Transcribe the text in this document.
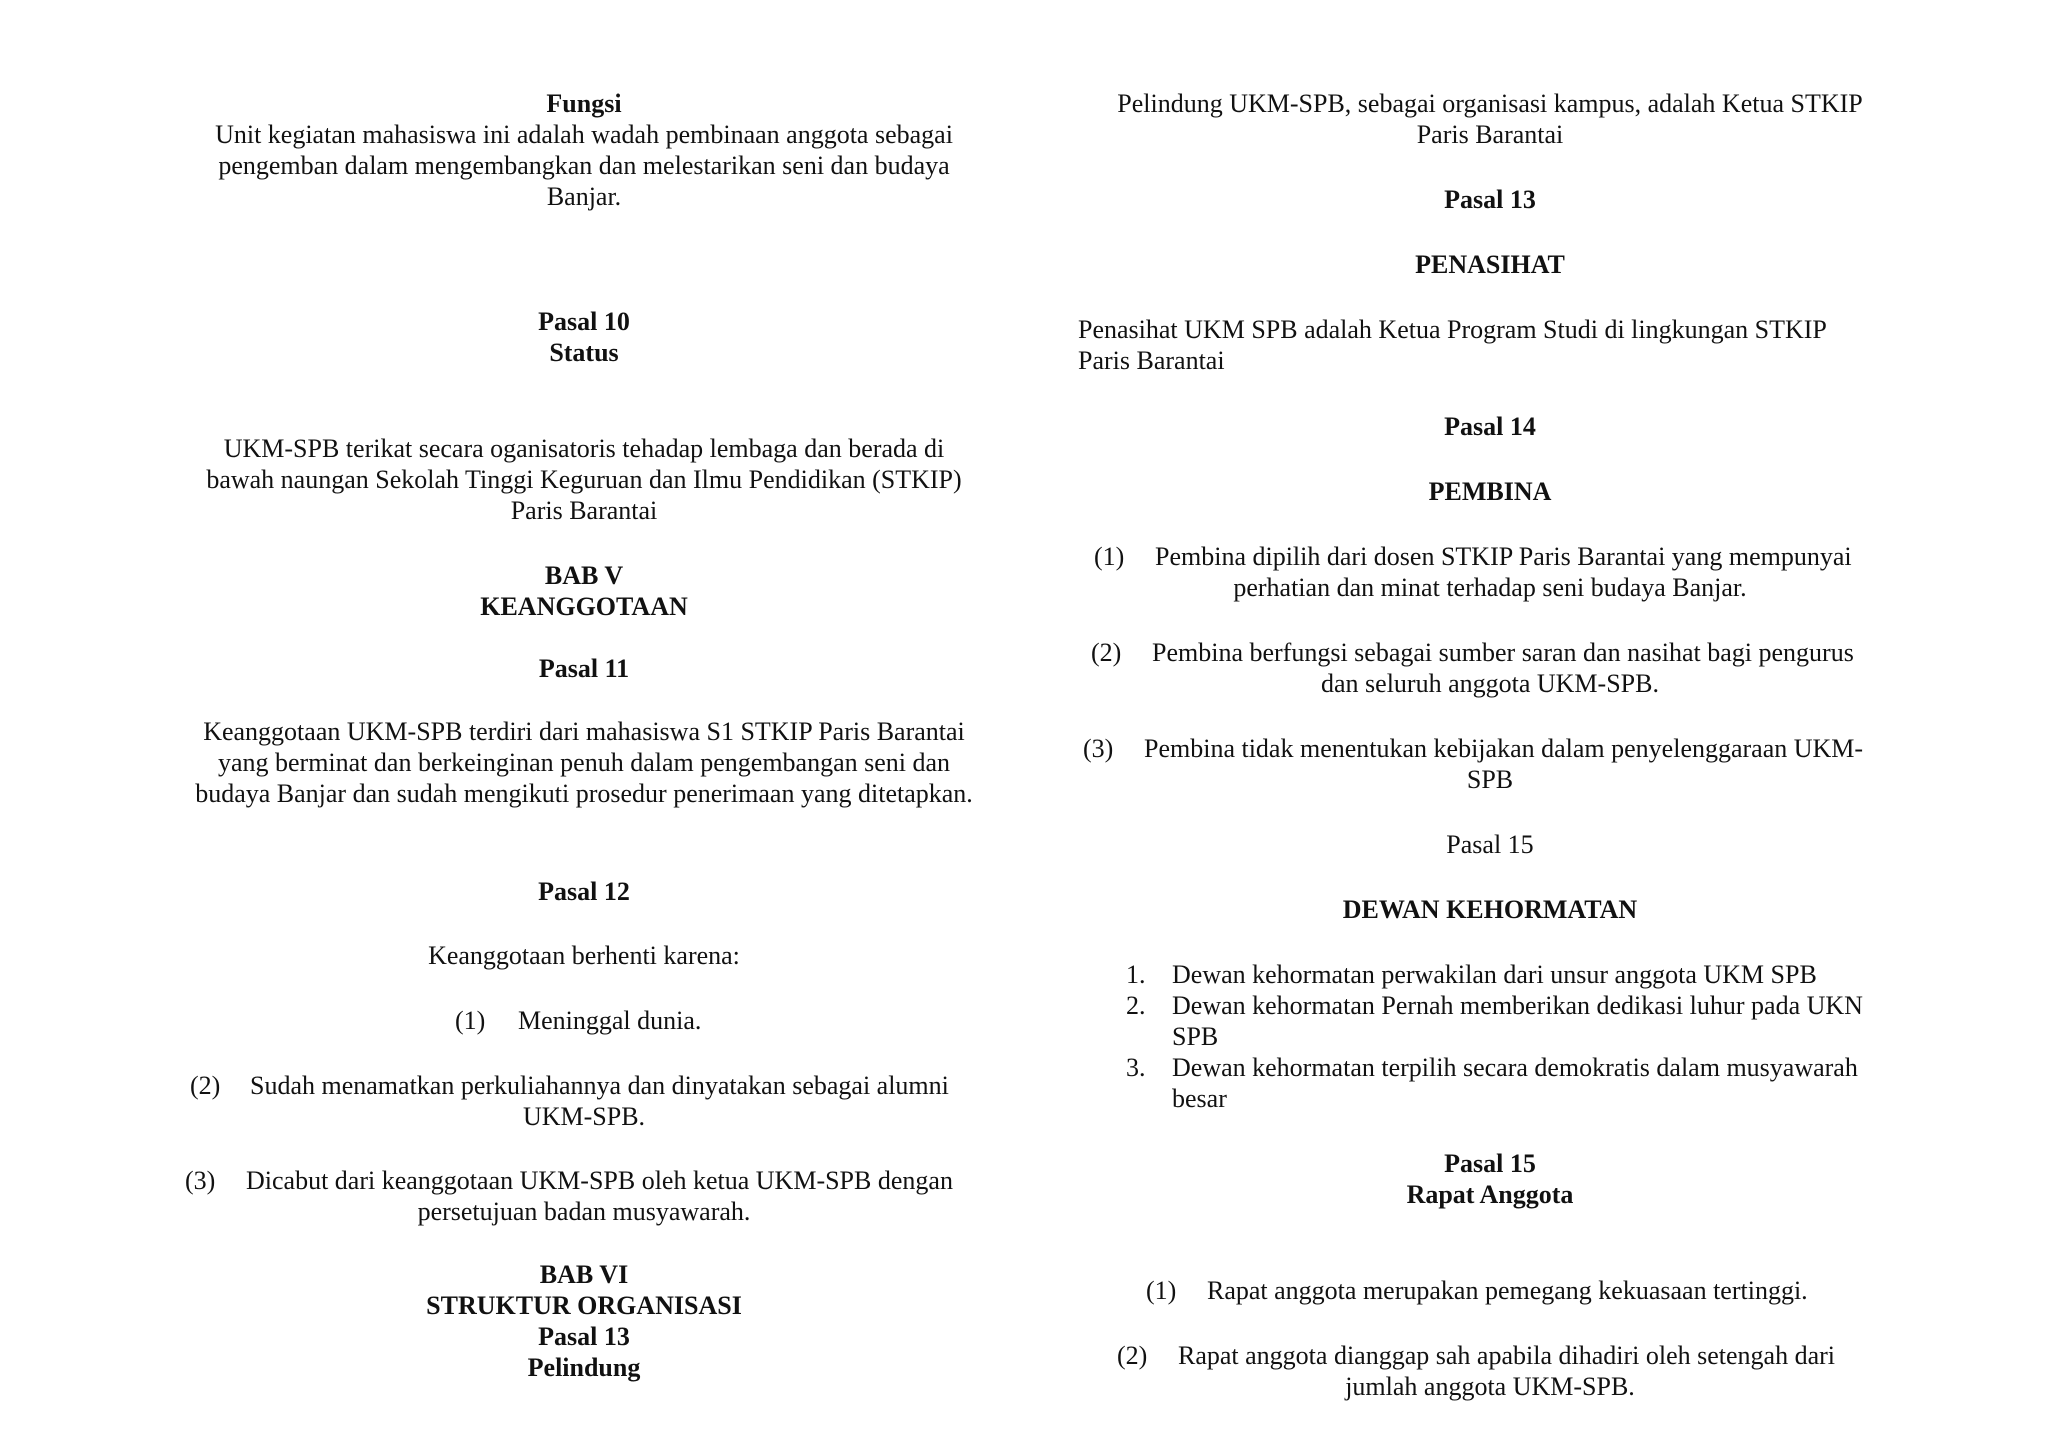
Fungsi

Unit kegiatan mahasiswa ini adalah wadah pembinaan anggota sebagai

pengemban dalam mengembangkan dan melestarikan seni dan budaya

Banjar.

Pasal 10

Status

UKM-SPB terikat secara oganisatoris tehadap lembaga dan berada di

bawah naungan Sekolah Tinggi Keguruan dan Ilmu Pendidikan (STKIP)

Paris Barantai

BAB V

KEANGGOTAAN

Pasal 11

Keanggotaan UKM-SPB terdiri dari mahasiswa S1 STKIP Paris Barantai

yang berminat dan berkeinginan penuh dalam pengembangan seni dan

budaya Banjar dan sudah mengikuti prosedur penerimaan yang ditetapkan.

Pasal 12

Keanggotaan berhenti karena:

(1) Meninggal dunia.
(2) Sudah menamatkan perkuliahannya dan dinyatakan sebagai alumni

UKM-SPB.

(3) Dicabut dari keanggotaan UKM-SPB oleh ketua UKM-SPB dengan

persetujuan badan musyawarah.

BAB VI

STRUKTUR ORGANISASI

Pasal 13

Pelindung

Pelindung UKM-SPB, sebagai organisasi kampus, adalah Ketua STKIP

Paris Barantai

Pasal 13

PENASIHAT

Penasihat UKM SPB adalah Ketua Program Studi di lingkungan STKIP

Paris Barantai

Pasal 14

PEMBINA

(1) Pembina dipilih dari dosen STKIP Paris Barantai yang mempunyai

perhatian dan minat terhadap seni budaya Banjar.

(2) Pembina berfungsi sebagai sumber saran dan nasihat bagi pengurus

dan seluruh anggota UKM-SPB.

(3) Pembina tidak menentukan kebijakan dalam penyelenggaraan UKM-

SPB

Pasal 15

DEWAN KEHORMATAN

1. Dewan kehormatan perwakilan dari unsur anggota UKM SPB
2. Dewan kehormatan Pernah memberikan dedikasi luhur pada UKN
SPB
3. Dewan kehormatan terpilih secara demokratis dalam musyawarah
besar

Pasal 15

Rapat Anggota

(1) Rapat anggota merupakan pemegang kekuasaan tertinggi.
(2) Rapat anggota dianggap sah apabila dihadiri oleh setengah dari

jumlah anggota UKM-SPB.
